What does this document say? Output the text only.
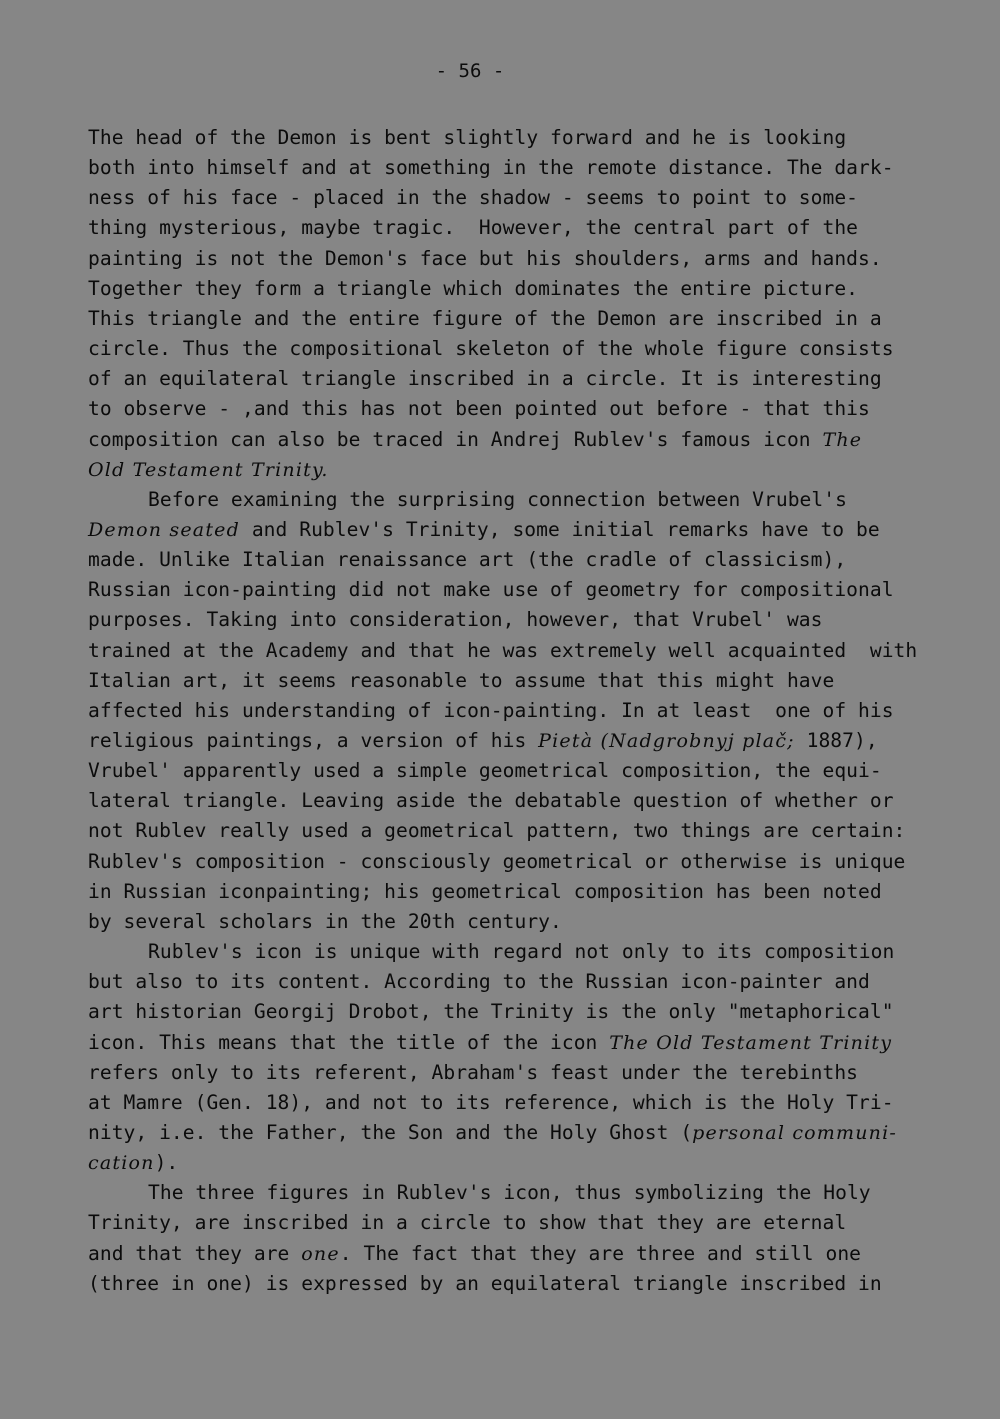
- 56 -
The head of the Demon is bent slightly forward and he is looking
both into himself and at something in the remote distance. The dark-
ness of his face - placed in the shadow - seems to point to some-
thing mysterious, maybe tragic.  However, the central part of the
painting is not the Demon's face but his shoulders, arms and hands.
Together they form a triangle which dominates the entire picture.
This triangle and the entire figure of the Demon are inscribed in a
circle. Thus the compositional skeleton of the whole figure consists
of an equilateral triangle inscribed in a circle. It is interesting
to observe - ,and this has not been pointed out before - that this
composition can also be traced in Andrej Rublev's famous icon The
Old Testament Trinity.
Before examining the surprising connection between Vrubel's
Demon seated and Rublev's Trinity, some initial remarks have to be
made. Unlike Italian renaissance art (the cradle of classicism),
Russian icon-painting did not make use of geometry for compositional
purposes. Taking into consideration, however, that Vrubel' was
trained at the Academy and that he was extremely well acquainted  with
Italian art, it seems reasonable to assume that this might have
affected his understanding of icon-painting. In at least  one of his
religious paintings, a version of his Pietà (Nadgrobnyj plač; 1887),
Vrubel' apparently used a simple geometrical composition, the equi-
lateral triangle. Leaving aside the debatable question of whether or
not Rublev really used a geometrical pattern, two things are certain:
Rublev's composition - consciously geometrical or otherwise is unique
in Russian iconpainting; his geometrical composition has been noted
by several scholars in the 20th century.
Rublev's icon is unique with regard not only to its composition
but also to its content. According to the Russian icon-painter and
art historian Georgij Drobot, the Trinity is the only "metaphorical"
icon. This means that the title of the icon The Old Testament Trinity
refers only to its referent, Abraham's feast under the terebinths
at Mamre (Gen. 18), and not to its reference, which is the Holy Tri-
nity, i.e. the Father, the Son and the Holy Ghost (personal communi-
cation).
The three figures in Rublev's icon, thus symbolizing the Holy
Trinity, are inscribed in a circle to show that they are eternal
and that they are one. The fact that they are three and still one
(three in one) is expressed by an equilateral triangle inscribed in
